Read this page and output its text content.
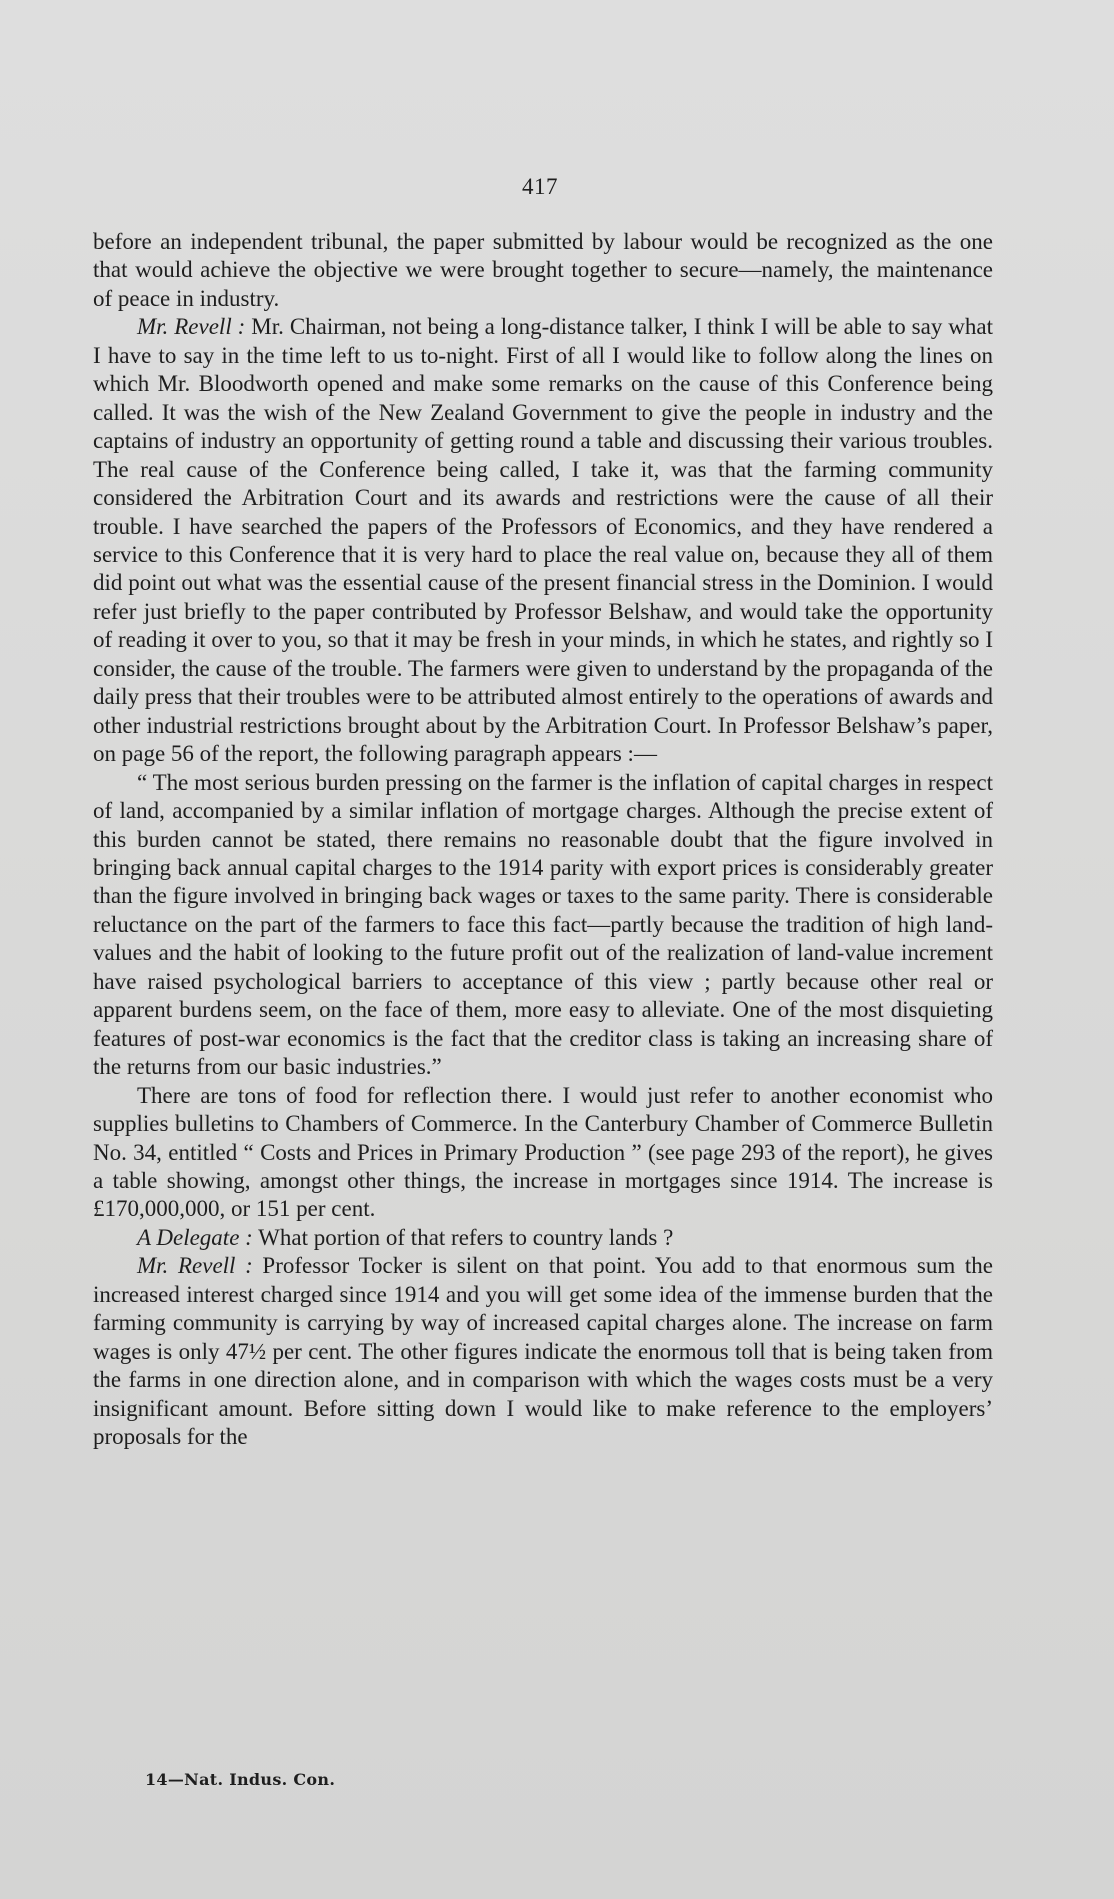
417

before an independent tribunal, the paper submitted by labour would be recognized as the one that would achieve the objective we were brought together to secure—namely, the maintenance of peace in industry.

Mr. Revell : Mr. Chairman, not being a long-distance talker, I think I will be able to say what I have to say in the time left to us to-night. First of all I would like to follow along the lines on which Mr. Bloodworth opened and make some remarks on the cause of this Conference being called. It was the wish of the New Zealand Government to give the people in industry and the captains of industry an opportunity of getting round a table and discussing their various troubles. The real cause of the Conference being called, I take it, was that the farming community considered the Arbitration Court and its awards and restrictions were the cause of all their trouble. I have searched the papers of the Professors of Economics, and they have rendered a service to this Conference that it is very hard to place the real value on, because they all of them did point out what was the essential cause of the present financial stress in the Dominion. I would refer just briefly to the paper contributed by Professor Belshaw, and would take the opportunity of reading it over to you, so that it may be fresh in your minds, in which he states, and rightly so I consider, the cause of the trouble. The farmers were given to understand by the propaganda of the daily press that their troubles were to be attributed almost entirely to the operations of awards and other industrial restrictions brought about by the Arbitration Court. In Professor Belshaw’s paper, on page 56 of the report, the following paragraph appears :—

“ The most serious burden pressing on the farmer is the inflation of capital charges in respect of land, accompanied by a similar inflation of mortgage charges. Although the precise extent of this burden cannot be stated, there remains no reasonable doubt that the figure involved in bringing back annual capital charges to the 1914 parity with export prices is considerably greater than the figure involved in bringing back wages or taxes to the same parity. There is considerable reluctance on the part of the farmers to face this fact—partly because the tradition of high land-values and the habit of looking to the future profit out of the realization of land-value increment have raised psychological barriers to acceptance of this view ; partly because other real or apparent burdens seem, on the face of them, more easy to alleviate. One of the most disquieting features of post-war economics is the fact that the creditor class is taking an increasing share of the returns from our basic industries.”

There are tons of food for reflection there. I would just refer to another economist who supplies bulletins to Chambers of Commerce. In the Canterbury Chamber of Commerce Bulletin No. 34, entitled “ Costs and Prices in Primary Production ” (see page 293 of the report), he gives a table showing, amongst other things, the increase in mortgages since 1914. The increase is £170,000,000, or 151 per cent.

A Delegate : What portion of that refers to country lands ?

Mr. Revell : Professor Tocker is silent on that point. You add to that enormous sum the increased interest charged since 1914 and you will get some idea of the immense burden that the farming community is carrying by way of increased capital charges alone. The increase on farm wages is only 47½ per cent. The other figures indicate the enormous toll that is being taken from the farms in one direction alone, and in comparison with which the wages costs must be a very insignificant amount. Before sitting down I would like to make reference to the employers’ proposals for the

14—Nat. Indus. Con.
